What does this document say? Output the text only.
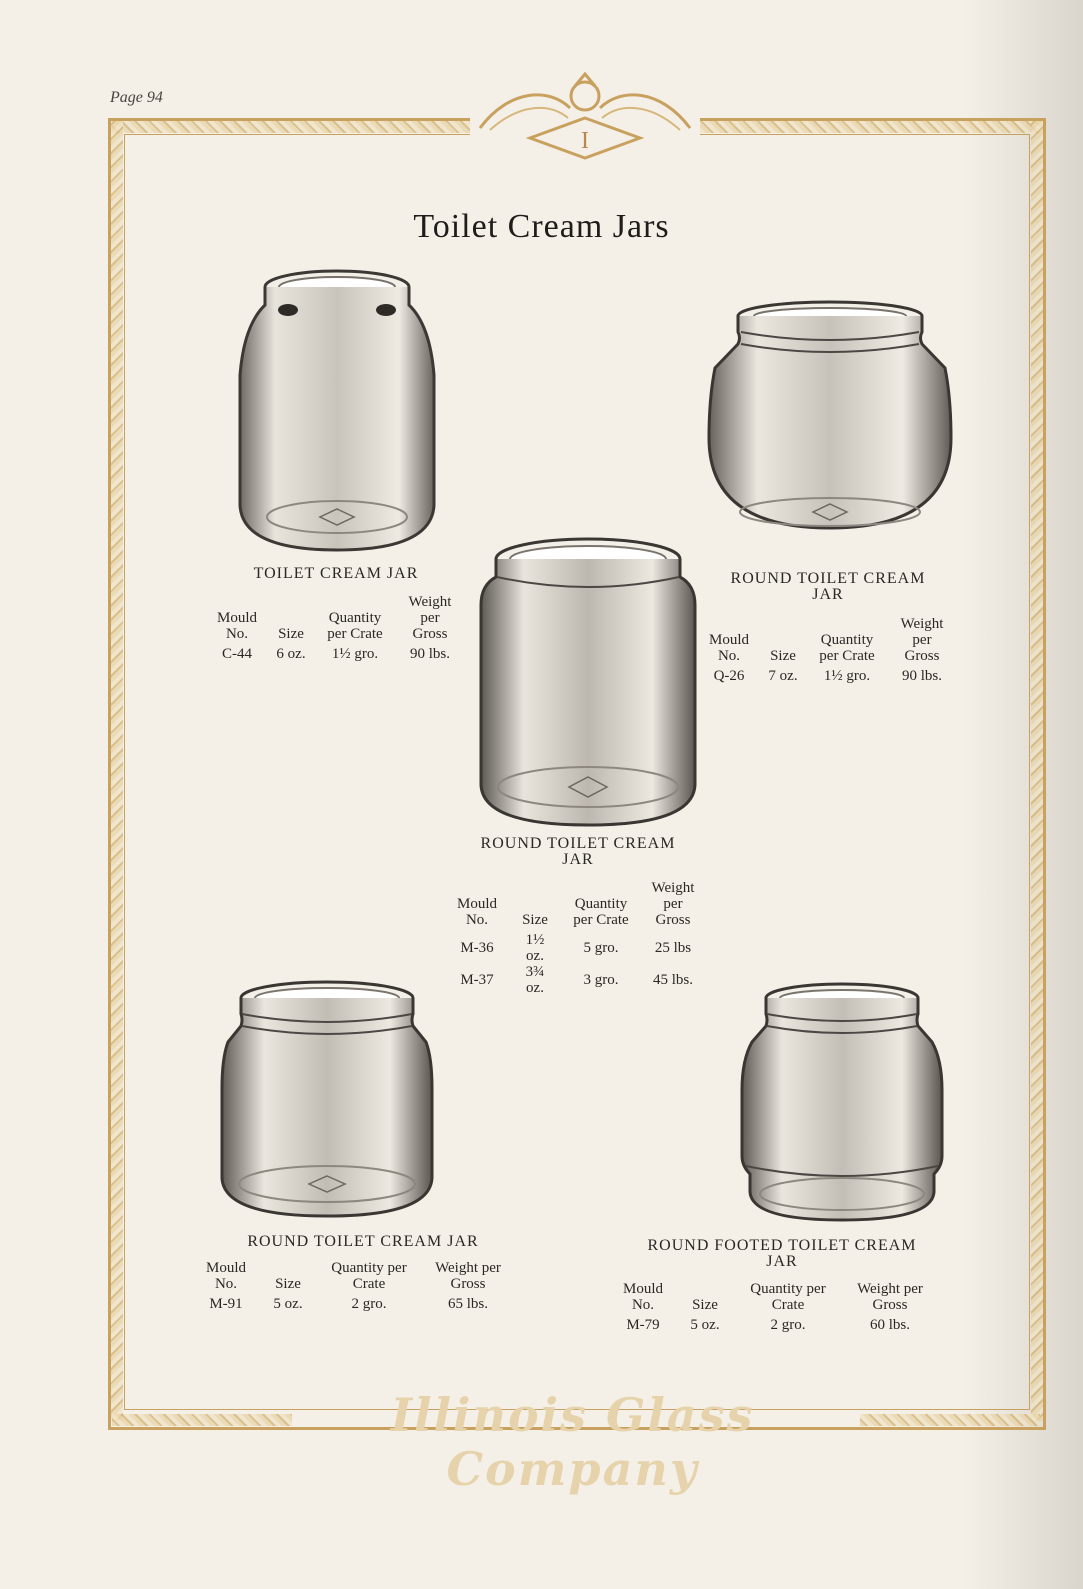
Page 94
I
Toilet Cream Jars
TOILET CREAM JAR
Mould No.	Size	Quantity per Crate	Weight per Gross
C-44	6 oz.	1½ gro.	90 lbs.
ROUND TOILET CREAM
JAR
Mould No.	Size	Quantity per Crate	Weight per Gross
Q-26	7 oz.	1½ gro.	90 lbs.
ROUND TOILET CREAM
JAR
Mould No.	Size	Quantity per Crate	Weight per Gross
M-36	1½ oz.	5 gro.	25 lbs
M-37	3¾ oz.	3 gro.	45 lbs.
ROUND TOILET CREAM JAR
Mould No.	Size	Quantity per Crate	Weight per Gross
M-91	5 oz.	2 gro.	65 lbs.
ROUND FOOTED TOILET CREAM
JAR
Mould No.	Size	Quantity per Crate	Weight per Gross
M-79	5 oz.	2 gro.	60 lbs.
Illinois Glass Company
